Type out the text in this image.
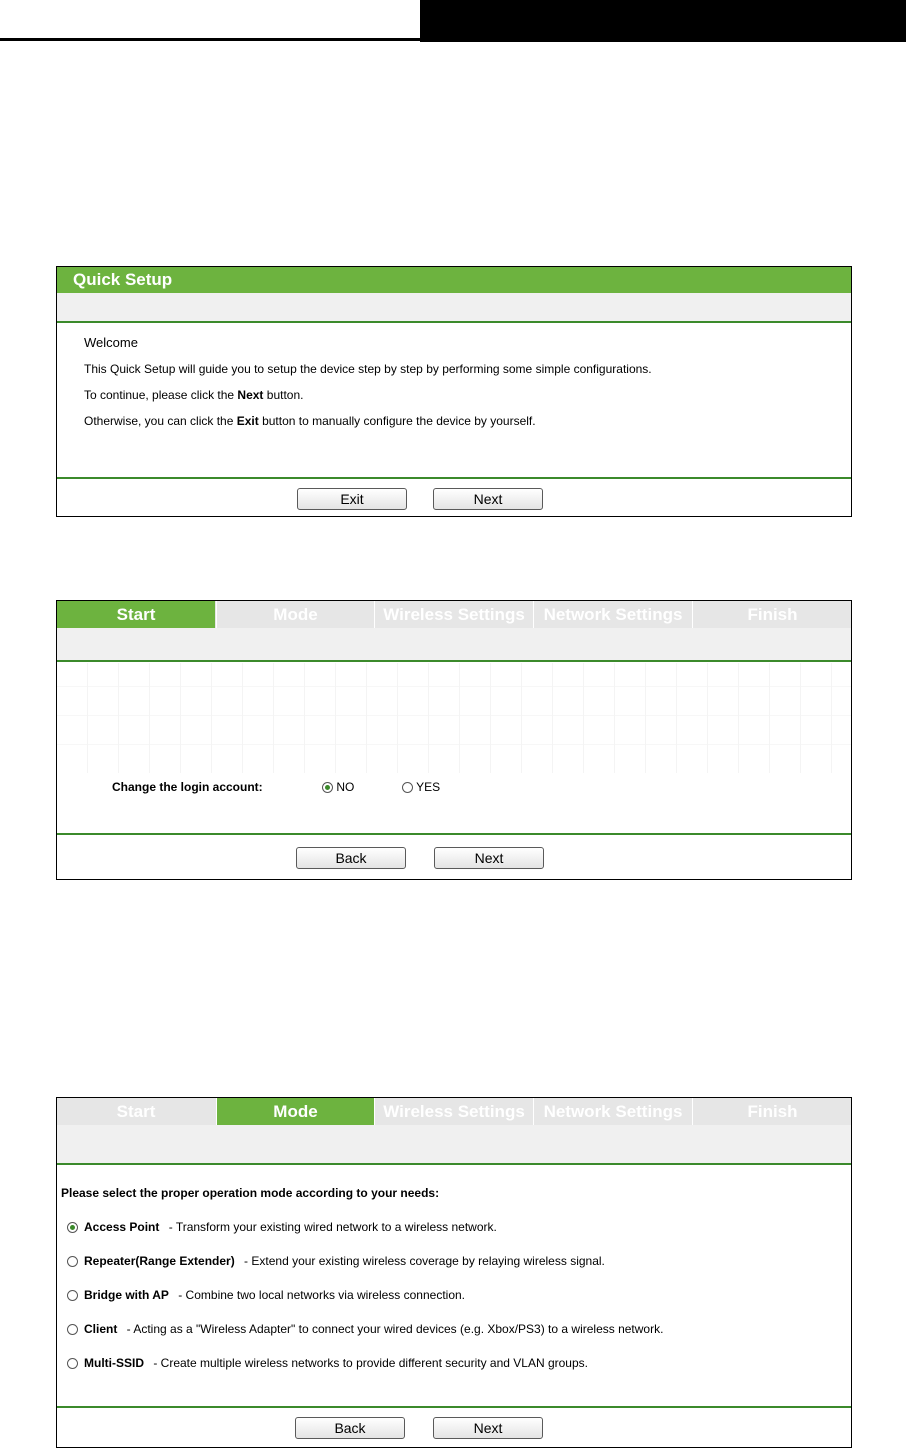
Quick Setup
Welcome

This Quick Setup will guide you to setup the device step by step by performing some simple configurations.

To continue, please click the Next button.

Otherwise, you can click the Exit button to manually configure the device by yourself.

Exit	Next
Start	Mode	Wireless Settings	Network Settings	Finish
Change the login account:	NO	YES
Back	Next
Start	Mode	Wireless Settings	Network Settings	Finish
Please select the proper operation mode according to your needs:
Access Point - Transform your existing wired network to a wireless network.
Repeater(Range Extender) - Extend your existing wireless coverage by relaying wireless signal.
Bridge with AP - Combine two local networks via wireless connection.
Client - Acting as a "Wireless Adapter" to connect your wired devices (e.g. Xbox/PS3) to a wireless network.
Multi-SSID - Create multiple wireless networks to provide different security and VLAN groups.
Back	Next
